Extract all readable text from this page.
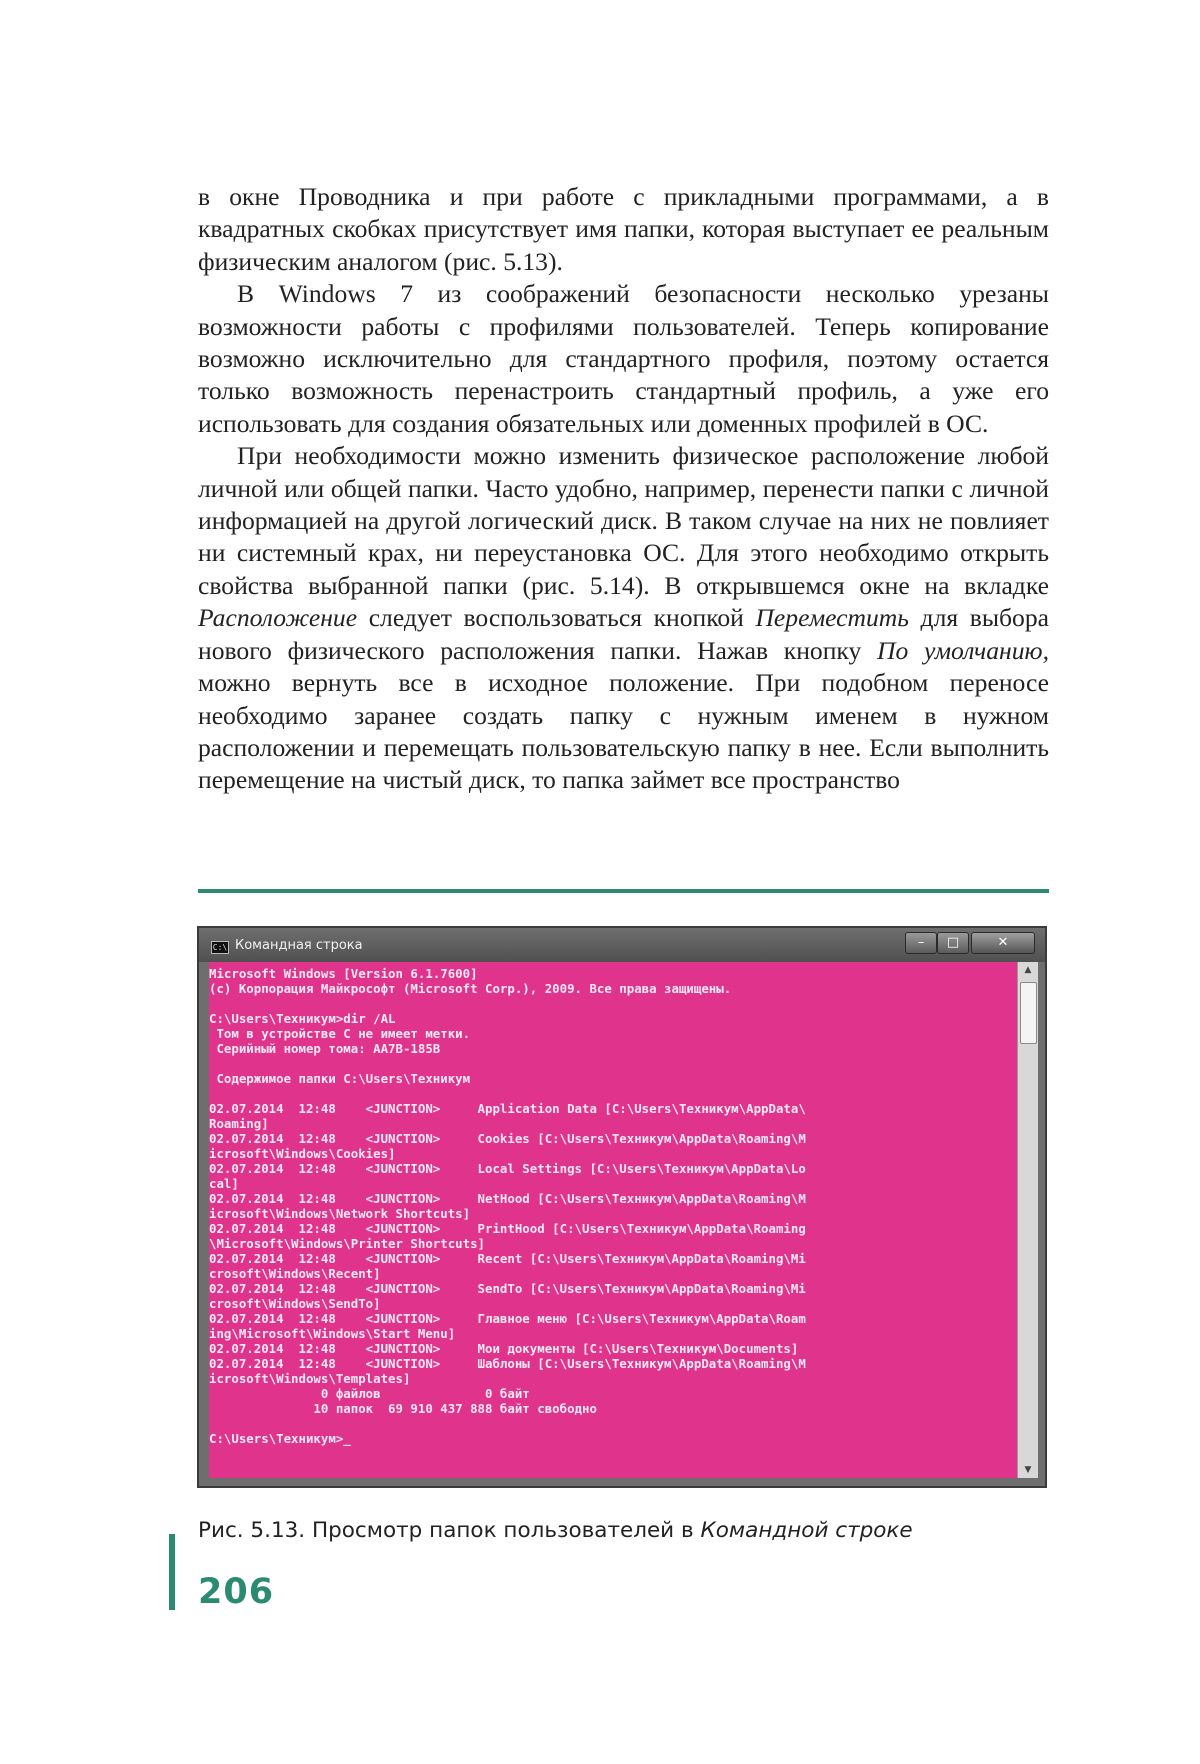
в окне Проводника и при работе с прикладными программами, а в квадратных скобках присутствует имя папки, которая выступает ее реальным физическим аналогом (рис. 5.13).

В Windows 7 из соображений безопасности несколько урезаны возможности работы с профилями пользователей. Теперь копирование возможно исключительно для стандартного профиля, поэтому остается только возможность перенастроить стандартный профиль, а уже его использовать для создания обязательных или доменных профилей в ОС.

При необходимости можно изменить физическое расположение любой личной или общей папки. Часто удобно, например, перенести папки с личной информацией на другой логический диск. В таком случае на них не повлияет ни системный крах, ни переустановка ОС. Для этого необходимо открыть свойства выбранной папки (рис. 5.14). В открывшемся окне на вкладке Расположение следует воспользоваться кнопкой Переместить для выбора нового физического расположения папки. Нажав кнопку По умолчанию, можно вернуть все в исходное положение. При подобном переносе необходимо заранее создать папку с нужным именем в нужном расположении и перемещать пользовательскую папку в нее. Если выполнить перемещение на чистый диск, то папка займет все пространство

C:\ Командная строка	–	□	✕
Microsoft Windows [Version 6.1.7600]
(c) Корпорация Майкрософт (Microsoft Corp.), 2009. Все права защищены.
C:\Users\Техникум>dir /AL
Том в устройстве C не имеет метки.
Серийный номер тома: AA7B-185B
Содержимое папки C:\Users\Техникум
02.07.2014  12:48    <JUNCTION>     Application Data [C:\Users\Техникум\AppData\
Roaming]
02.07.2014  12:48    <JUNCTION>     Cookies [C:\Users\Техникум\AppData\Roaming\M
icrosoft\Windows\Cookies]
02.07.2014  12:48    <JUNCTION>     Local Settings [C:\Users\Техникум\AppData\Lo
cal]
02.07.2014  12:48    <JUNCTION>     NetHood [C:\Users\Техникум\AppData\Roaming\M
icrosoft\Windows\Network Shortcuts]
02.07.2014  12:48    <JUNCTION>     PrintHood [C:\Users\Техникум\AppData\Roaming
\Microsoft\Windows\Printer Shortcuts]
02.07.2014  12:48    <JUNCTION>     Recent [C:\Users\Техникум\AppData\Roaming\Mi
crosoft\Windows\Recent]
02.07.2014  12:48    <JUNCTION>     SendTo [C:\Users\Техникум\AppData\Roaming\Mi
crosoft\Windows\SendTo]
02.07.2014  12:48    <JUNCTION>     Главное меню [C:\Users\Техникум\AppData\Roam
ing\Microsoft\Windows\Start Menu]
02.07.2014  12:48    <JUNCTION>     Мои документы [C:\Users\Техникум\Documents]
02.07.2014  12:48    <JUNCTION>     Шаблоны [C:\Users\Техникум\AppData\Roaming\M
icrosoft\Windows\Templates]
0 файлов              0 байт
10 папок  69 910 437 888 байт свободно
C:\Users\Техникум>_
▲
▼
Рис. 5.13. Просмотр папок пользователей в Командной строке
206
